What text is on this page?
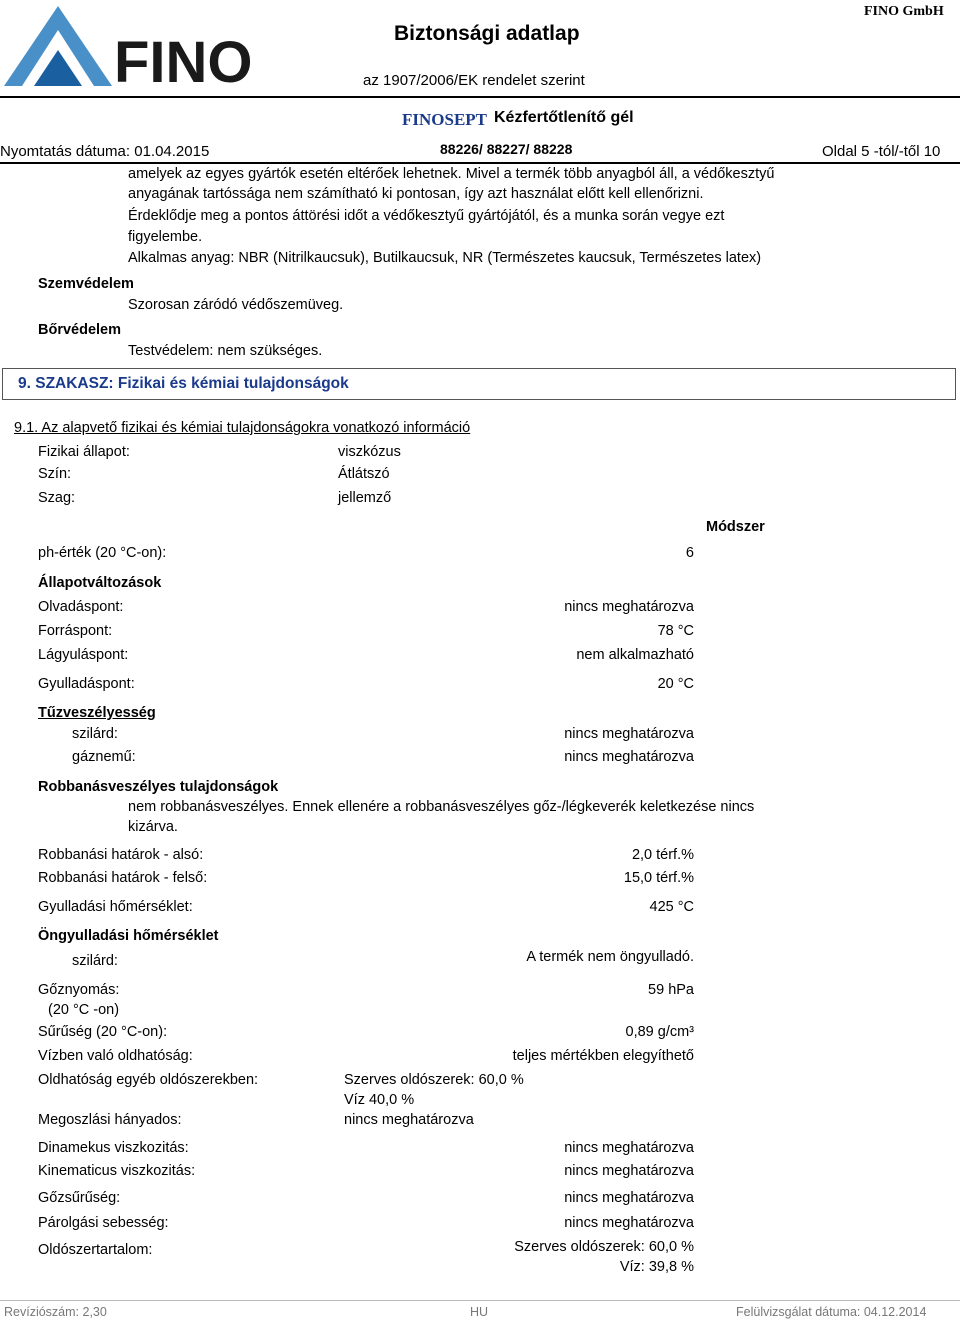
FINO	Biztonsági adatlap
az 1907/2006/EK rendelet szerint
FINO GmbH
FINOSEPT Kézfertőtlenítő gél
Nyomtatás dátuma: 01.04.2015	88226/ 88227/ 88228	Oldal 5 -tól/-től 10
amelyek az egyes gyártók esetén eltérőek lehetnek. Mivel a termék több anyagból áll, a védőkesztyű
anyagának tartóssága nem számítható ki pontosan, így azt használat előtt kell ellenőrizni.
Érdeklődje meg a pontos áttörési időt a védőkesztyű gyártójától, és a munka során vegye ezt
figyelembe.
Alkalmas anyag: NBR (Nitrilkaucsuk), Butilkaucsuk, NR (Természetes kaucsuk, Természetes latex)
Szemvédelem
Szorosan záródó védőszemüveg.
Bőrvédelem
Testvédelem: nem szükséges.
9. SZAKASZ: Fizikai és kémiai tulajdonságok
9.1. Az alapvető fizikai és kémiai tulajdonságokra vonatkozó információ
Fizikai állapot:	viszkózus
Szín:	Átlátszó
Szag:	jellemző
Módszer
ph-érték (20 °C-on):	6
Állapotváltozások
Olvadáspont:	nincs meghatározva
Forráspont:	78 °C
Lágyuláspont:	nem alkalmazható
Gyulladáspont:	20 °C
Tűzveszélyesség
szilárd:	nincs meghatározva
gáznemű:	nincs meghatározva
Robbanásveszélyes tulajdonságok
nem robbanásveszélyes. Ennek ellenére a robbanásveszélyes gőz-/légkeverék keletkezése nincs
kizárva.
Robbanási határok - alsó:	2,0 térf.%
Robbanási határok - felső:	15,0 térf.%
Gyulladási hőmérséklet:	425 °C
Öngyulladási hőmérséklet
szilárd:	A termék nem öngyulladó.
Gőznyomás:	59 hPa
(20 °C -on)
Sűrűség (20 °C-on):	0,89 g/cm³
Vízben való oldhatóság:	teljes mértékben elegyíthető
Oldhatóság egyéb oldószerekben:	Szerves oldószerek: 60,0 %
Víz 40,0 %
Megoszlási hányados:	nincs meghatározva
Dinamekus viszkozitás:	nincs meghatározva
Kinematicus viszkozitás:	nincs meghatározva
Gőzsűrűség:	nincs meghatározva
Párolgási sebesség:	nincs meghatározva
Oldószertartalom:	Szerves oldószerek: 60,0 %
Víz: 39,8 %
Revíziószám: 2,30	HU	Felülvizsgálat dátuma: 04.12.2014
